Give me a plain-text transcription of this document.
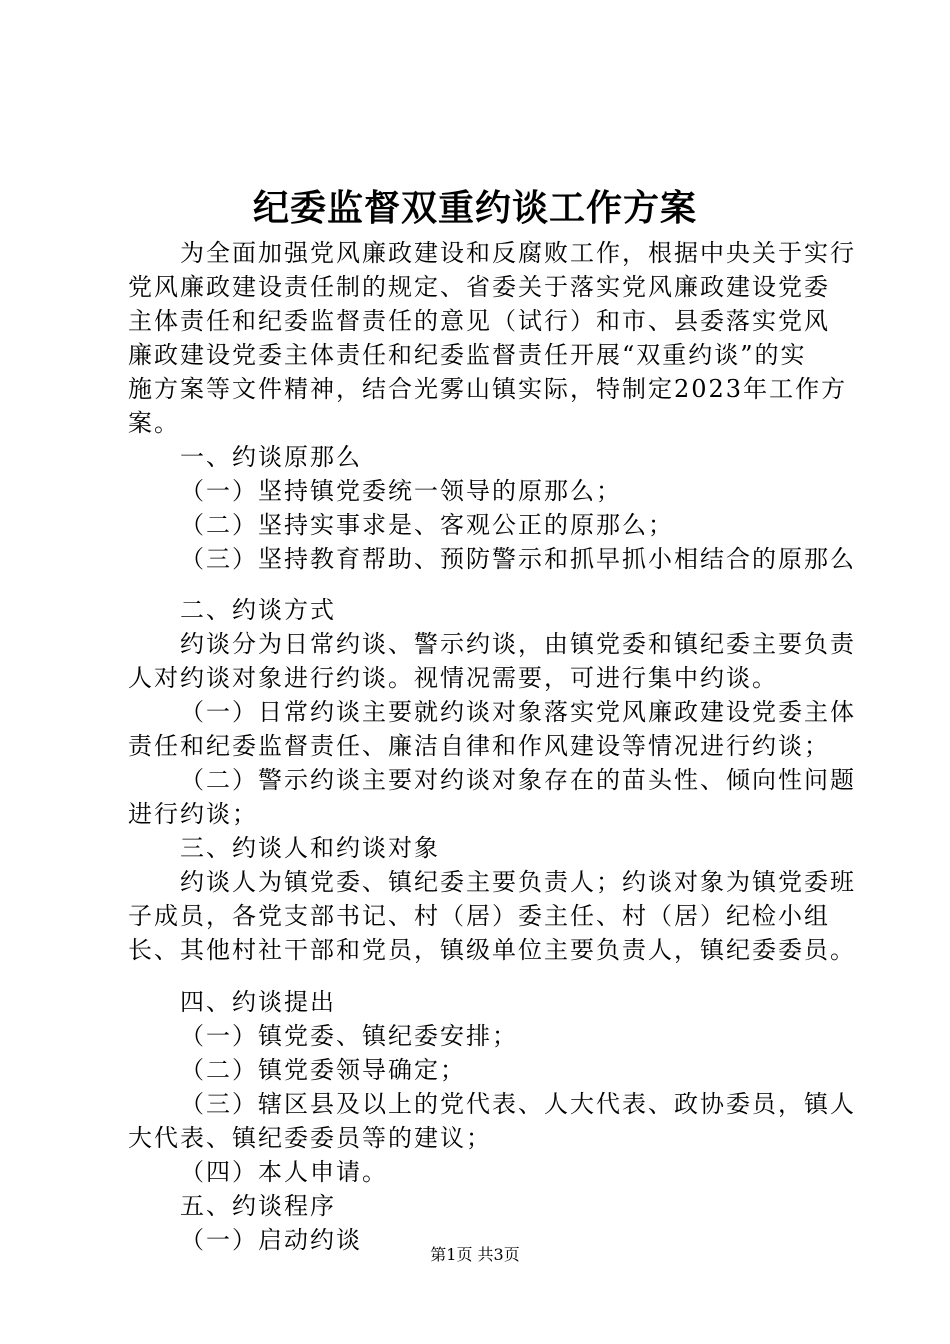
纪委监督双重约谈工作方案
为全面加强党风廉政建设和反腐败工作，根据中央关于实行
党风廉政建设责任制的规定、省委关于落实党风廉政建设党委
主体责任和纪委监督责任的意见（试行）和市、县委落实党风
廉政建设党委主体责任和纪委监督责任开展“双重约谈”的实
施方案等文件精神，结合光雾山镇实际，特制定2023年工作方
案。
一、约谈原那么
（一）坚持镇党委统一领导的原那么；
（二）坚持实事求是、客观公正的原那么；
（三）坚持教育帮助、预防警示和抓早抓小相结合的原那么
二、约谈方式
约谈分为日常约谈、警示约谈，由镇党委和镇纪委主要负责
人对约谈对象进行约谈。视情况需要，可进行集中约谈。
（一）日常约谈主要就约谈对象落实党风廉政建设党委主体
责任和纪委监督责任、廉洁自律和作风建设等情况进行约谈；
（二）警示约谈主要对约谈对象存在的苗头性、倾向性问题
进行约谈；
三、约谈人和约谈对象
约谈人为镇党委、镇纪委主要负责人；约谈对象为镇党委班
子成员，各党支部书记、村（居）委主任、村（居）纪检小组
长、其他村社干部和党员，镇级单位主要负责人，镇纪委委员。
四、约谈提出
（一）镇党委、镇纪委安排；
（二）镇党委领导确定；
（三）辖区县及以上的党代表、人大代表、政协委员，镇人
大代表、镇纪委委员等的建议；
（四）本人申请。
五、约谈程序
（一）启动约谈
第1页 共3页
